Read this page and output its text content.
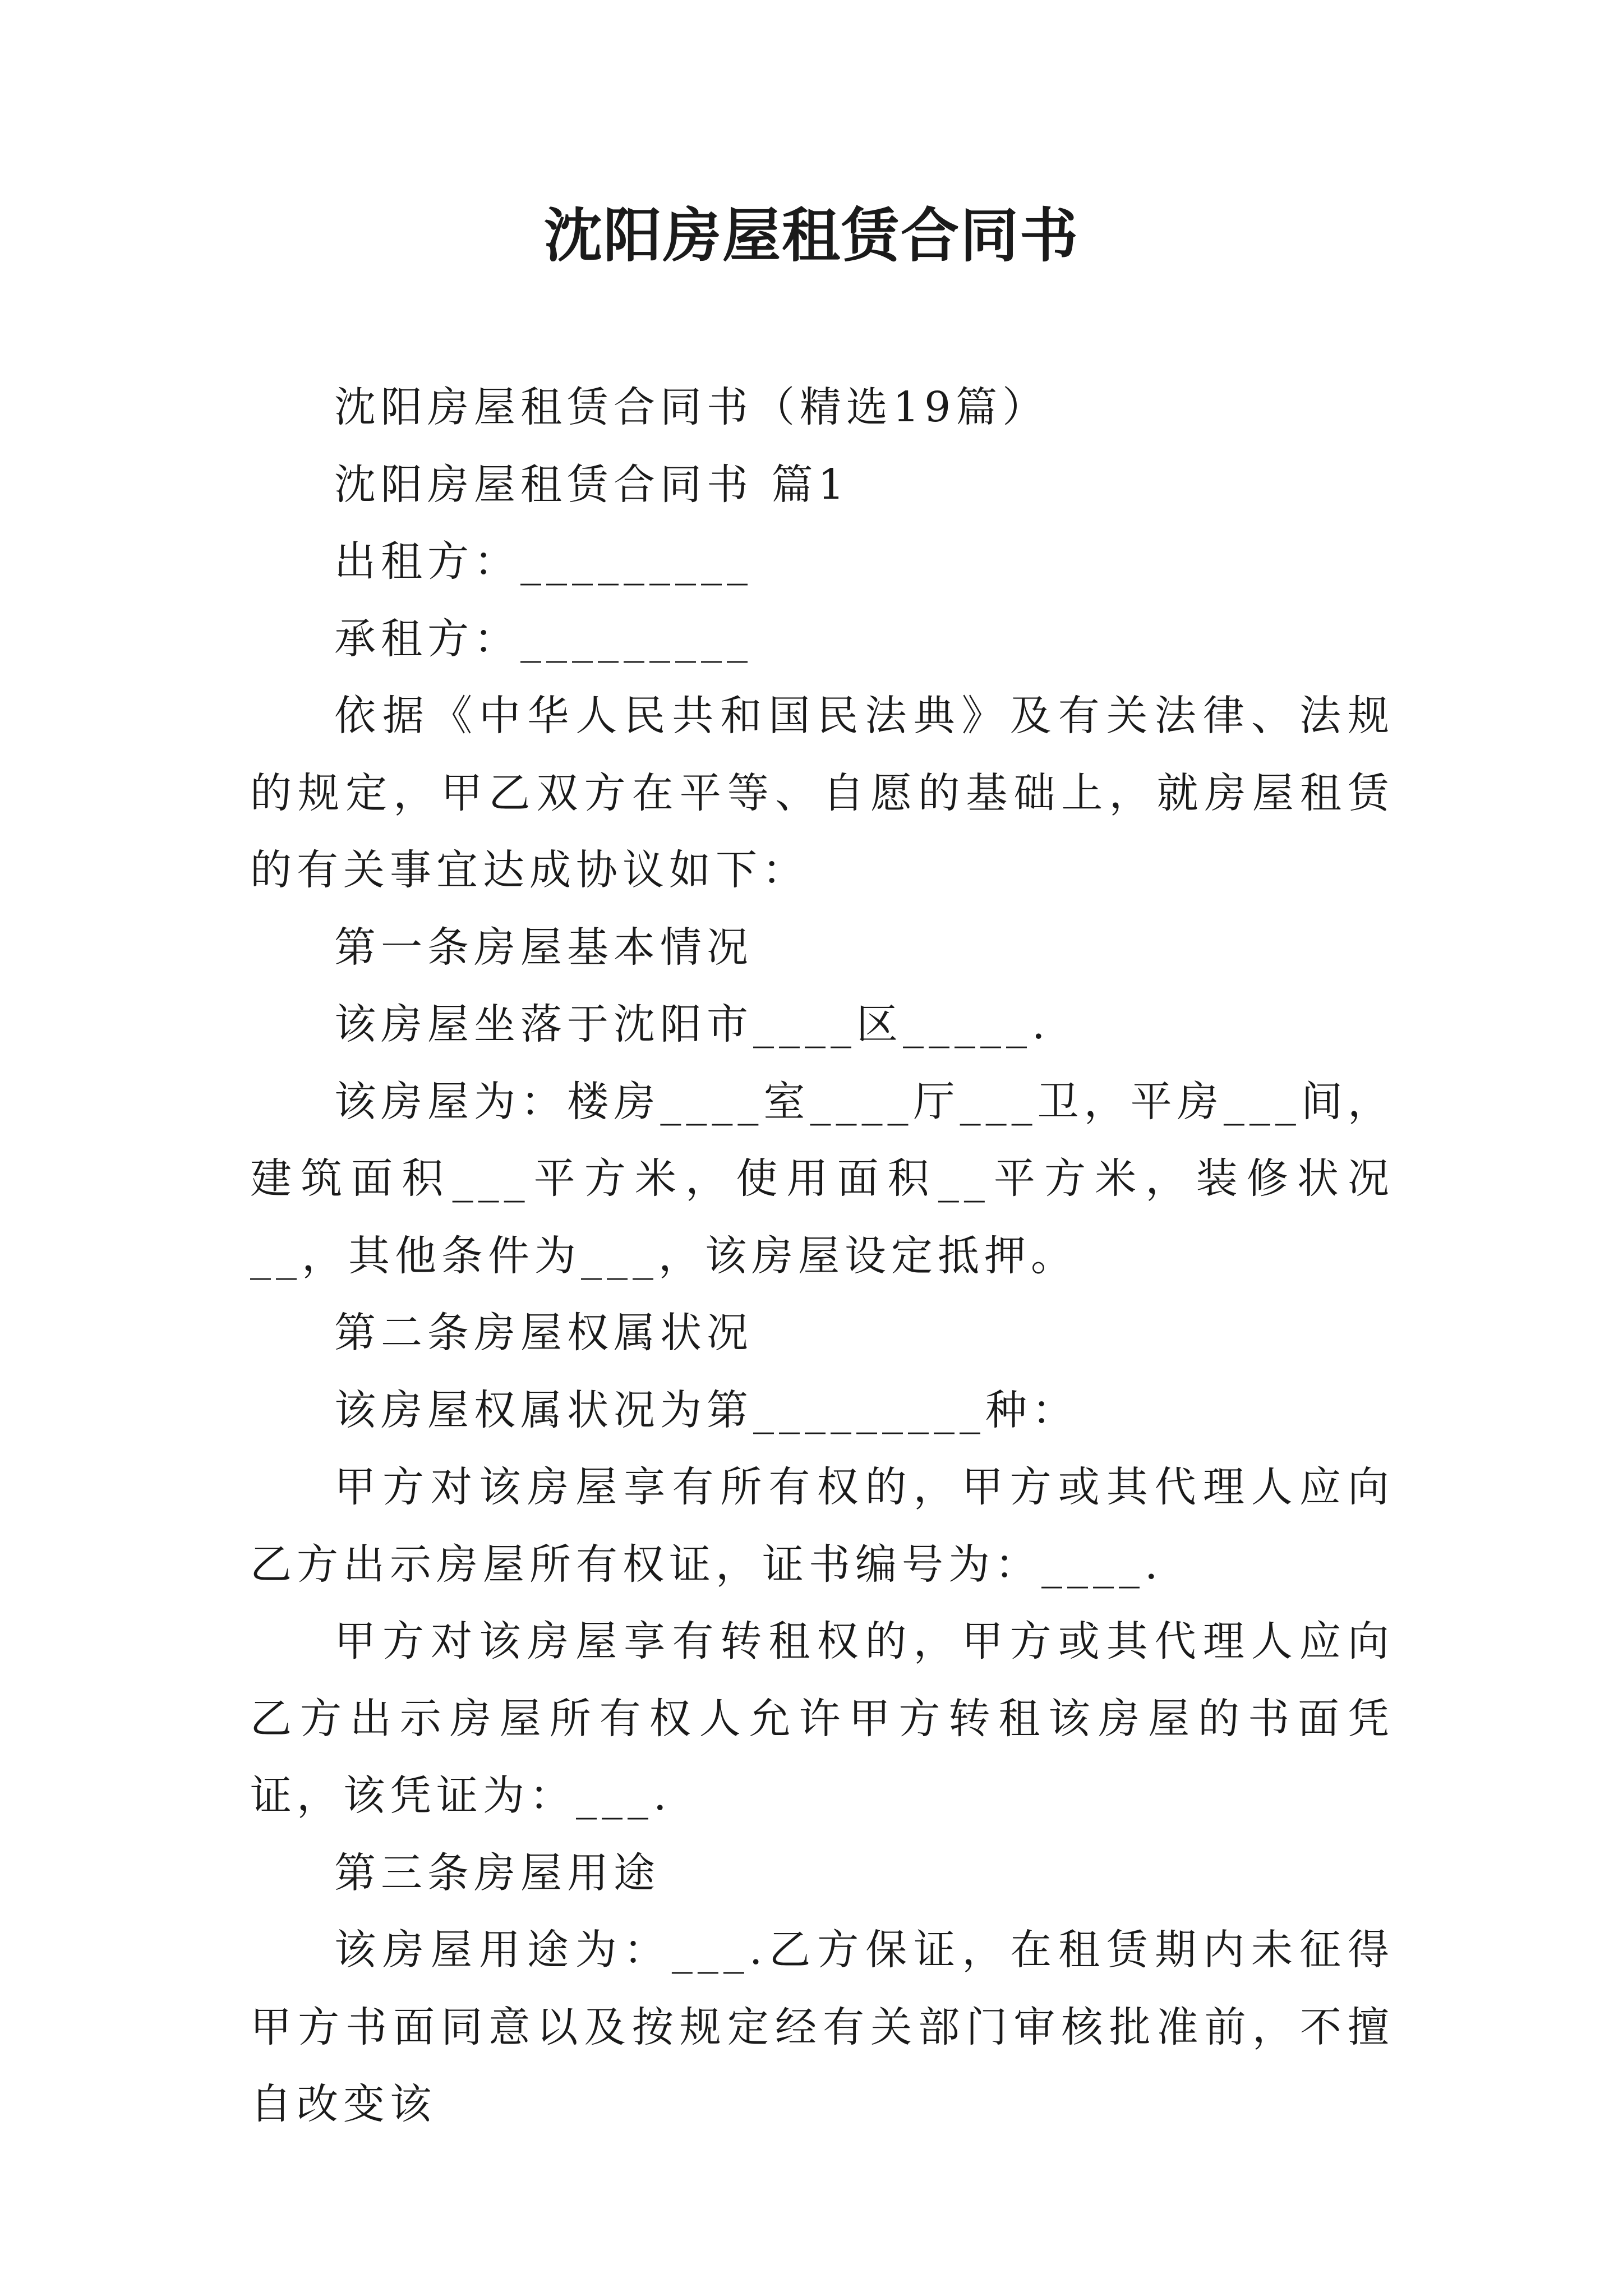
沈阳房屋租赁合同书

沈阳房屋租赁合同书（精选19篇）

沈阳房屋租赁合同书 篇1

出租方：_________

承租方：_________

依据《中华人民共和国民法典》及有关法律、法规的规定，甲乙双方在平等、自愿的基础上，就房屋租赁的有关事宜达成协议如下：

第一条房屋基本情况

该房屋坐落于沈阳市____区_____.

该房屋为：楼房____室____厅___卫，平房___间，建筑面积___平方米，使用面积__平方米，装修状况__，其他条件为___，该房屋设定抵押。

第二条房屋权属状况

该房屋权属状况为第_________种：

甲方对该房屋享有所有权的，甲方或其代理人应向乙方出示房屋所有权证，证书编号为：____.

甲方对该房屋享有转租权的，甲方或其代理人应向乙方出示房屋所有权人允许甲方转租该房屋的书面凭证，该凭证为：___.

第三条房屋用途

该房屋用途为：___.乙方保证，在租赁期内未征得甲方书面同意以及按规定经有关部门审核批准前，不擅自改变该
